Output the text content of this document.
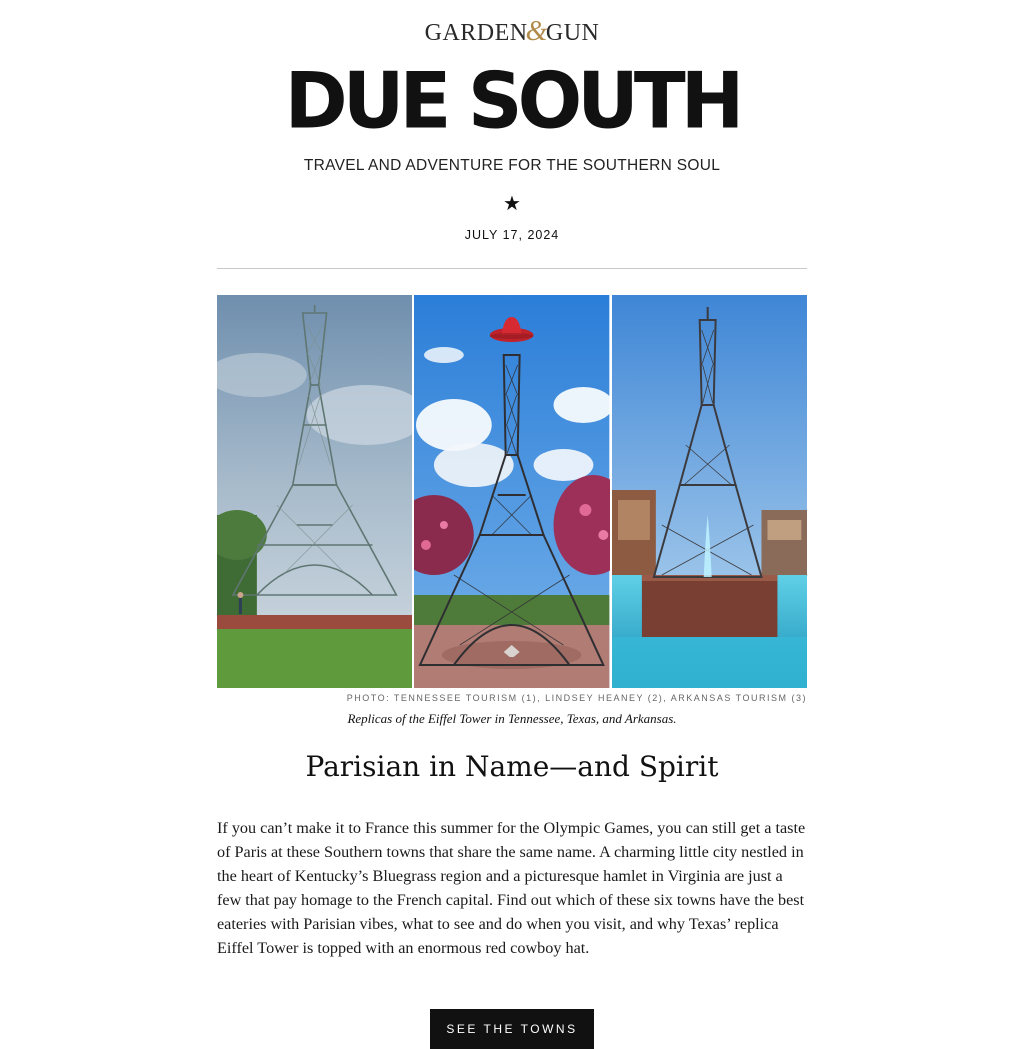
GARDEN&GUN
DUE SOUTH
TRAVEL AND ADVENTURE FOR THE SOUTHERN SOUL
★
JULY 17, 2024
PHOTO: TENNESSEE TOURISM (1), LINDSEY HEANEY (2), ARKANSAS TOURISM (3)
Replicas of the Eiffel Tower in Tennessee, Texas, and Arkansas.
Parisian in Name—and Spirit
If you can’t make it to France this summer for the Olympic Games, you can still get a taste of Paris at these Southern towns that share the same name. A charming little city nestled in the heart of Kentucky’s Bluegrass region and a picturesque hamlet in Virginia are just a few that pay homage to the French capital. Find out which of these six towns have the best eateries with Parisian vibes, what to see and do when you visit, and why Texas’ replica Eiffel Tower is topped with an enormous red cowboy hat.
SEE THE TOWNS
